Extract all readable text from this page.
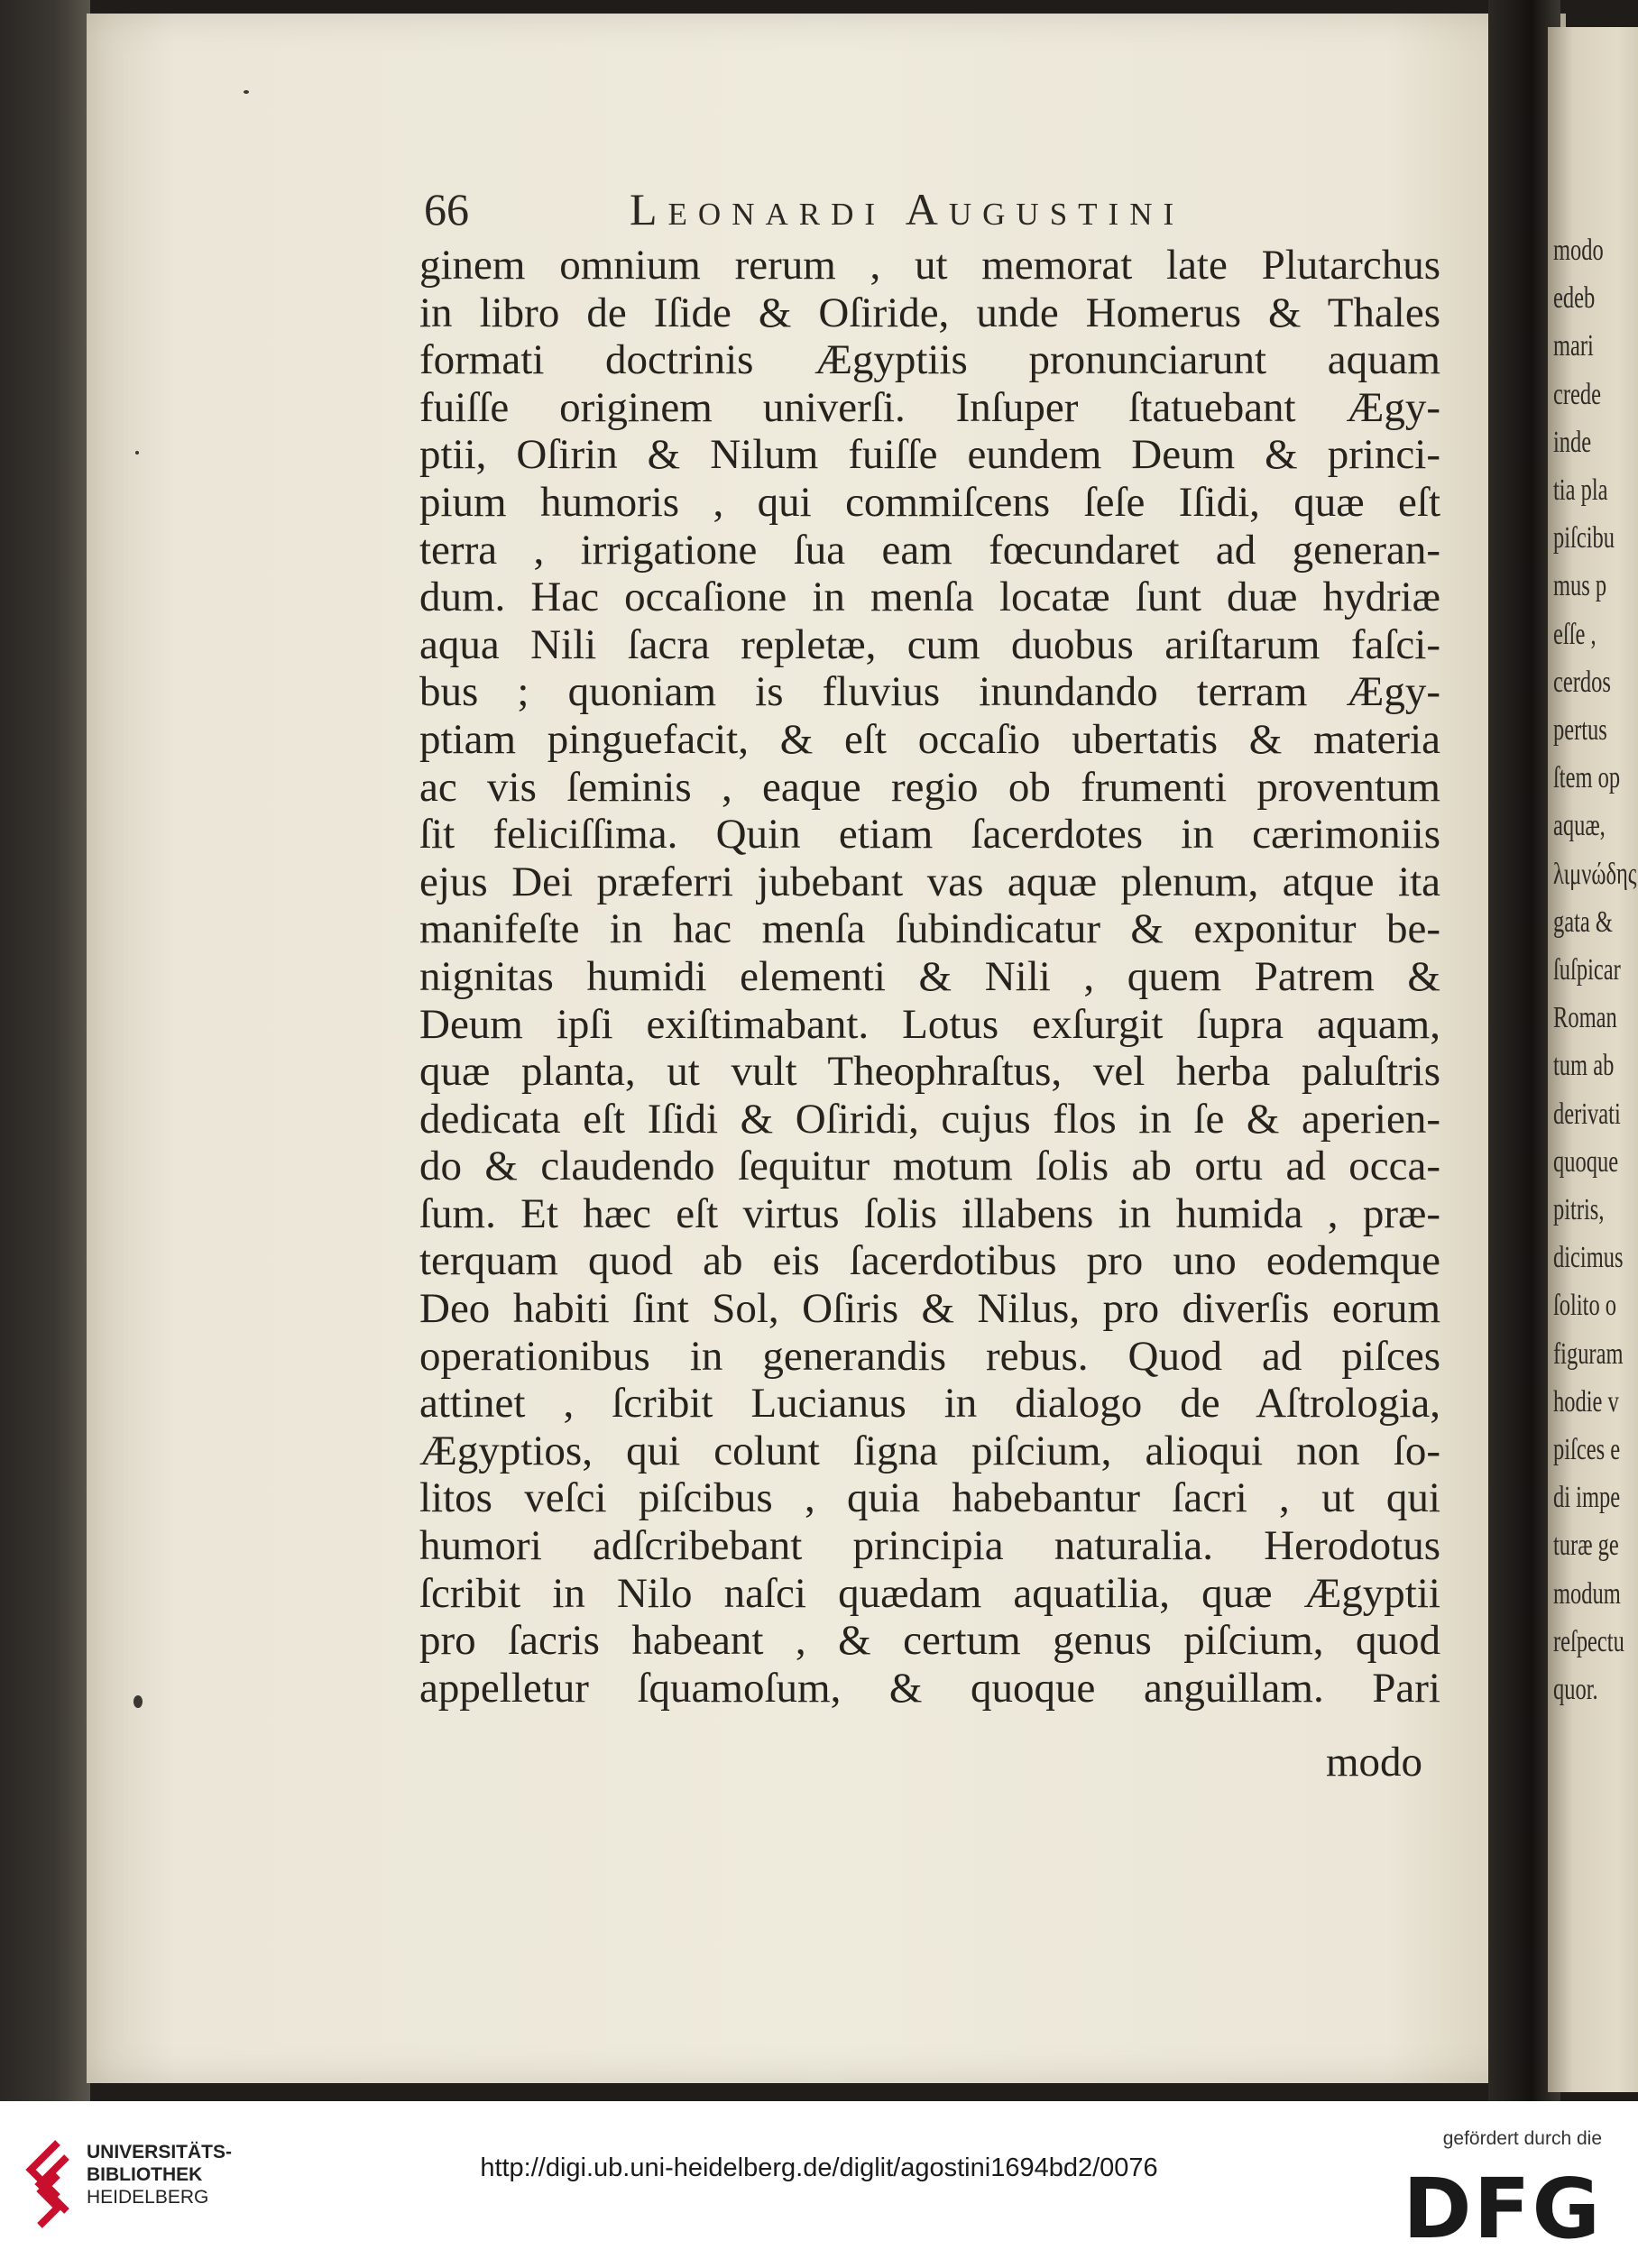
modo
edeb
mari
crede
inde
tia pla
piſcibu
mus p
eſſe ,
cerdos
pertus
ſtem op
aquæ,
λιμνώδης
gata &
ſuſpicar
Roman
tum ab
derivati
quoque
pitris,
dicimus
ſolito o
figuram
hodie v
piſces e
di impe
turæ ge
modum
reſpectu
quor.
66	Leonardi Augustini
ginem omnium rerum , ut memorat late Plutarchus
in libro de Iſide & Oſiride, unde Homerus & Thales
formati doctrinis Ægyptiis pronunciarunt aquam
fuiſſe originem univerſi. Inſuper ſtatuebant Ægy-
ptii, Oſirin & Nilum fuiſſe eundem Deum & princi-
pium humoris , qui commiſcens ſeſe Iſidi, quæ eſt
terra , irrigatione ſua eam fœcundaret ad generan-
dum. Hac occaſione in menſa locatæ ſunt duæ hydriæ
aqua Nili ſacra repletæ, cum duobus ariſtarum faſci-
bus ; quoniam is fluvius inundando terram Ægy-
ptiam pinguefacit, & eſt occaſio ubertatis & materia
ac vis ſeminis , eaque regio ob frumenti proventum
ſit feliciſſima. Quin etiam ſacerdotes in cærimoniis
ejus Dei præferri jubebant vas aquæ plenum, atque ita
manifeſte in hac menſa ſubindicatur & exponitur be-
nignitas humidi elementi & Nili , quem Patrem &
Deum ipſi exiſtimabant. Lotus exſurgit ſupra aquam,
quæ planta, ut vult Theophraſtus, vel herba paluſtris
dedicata eſt Iſidi & Oſiridi, cujus flos in ſe & aperien-
do & claudendo ſequitur motum ſolis ab ortu ad occa-
ſum. Et hæc eſt virtus ſolis illabens in humida , præ-
terquam quod ab eis ſacerdotibus pro uno eodemque
Deo habiti ſint Sol, Oſiris & Nilus, pro diverſis eorum
operationibus in generandis rebus. Quod ad piſces
attinet , ſcribit Lucianus in dialogo de Aſtrologia,
Ægyptios, qui colunt ſigna piſcium, alioqui non ſo-
litos veſci piſcibus , quia habebantur ſacri , ut qui
humori adſcribebant principia naturalia. Herodotus
ſcribit in Nilo naſci quædam aquatilia, quæ Ægyptii
pro ſacris habeant , & certum genus piſcium, quod
appelletur ſquamoſum, & quoque anguillam. Pari
modo
UNIVERSITÄTS-
BIBLIOTHEK
HEIDELBERG
http://digi.ub.uni-heidelberg.de/diglit/agostini1694bd2/0076
gefördert durch die
DFG
